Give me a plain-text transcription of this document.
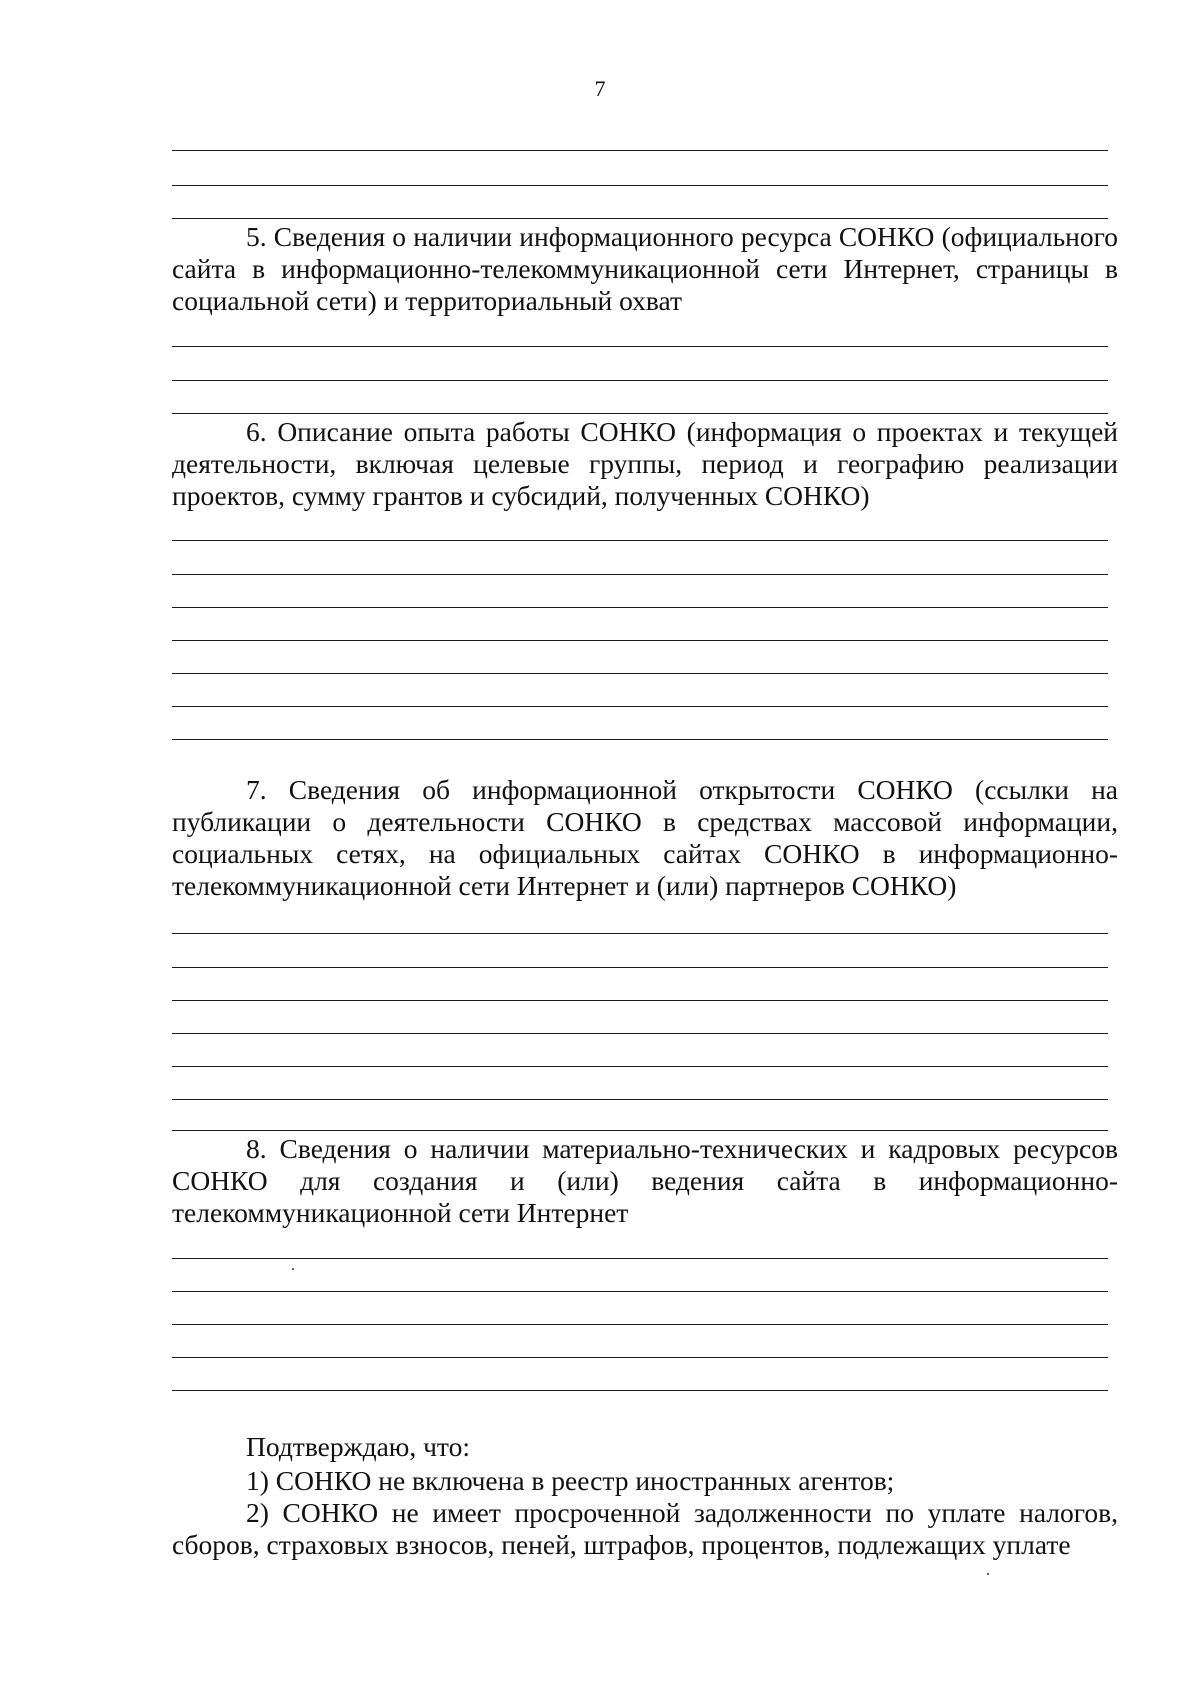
7

5. Сведения о наличии информационного ресурса СОНКО (официального сайта в информационно-телекоммуникационной сети Интернет, страницы в социальной сети) и территориальный охват

6. Описание опыта работы СОНКО (информация о проектах и текущей деятельности, включая целевые группы, период и географию реализации проектов, сумму грантов и субсидий, полученных СОНКО)

7. Сведения об информационной открытости СОНКО (ссылки на публикации о деятельности СОНКО в средствах массовой информации, социальных сетях, на официальных сайтах СОНКО в информационно-телекоммуникационной сети Интернет и (или) партнеров СОНКО)

8. Сведения о наличии материально-технических и кадровых ресурсов СОНКО для создания и (или) ведения сайта в информационно-телекоммуникационной сети Интернет

Подтверждаю, что:

1) СОНКО не включена в реестр иностранных агентов;

2) СОНКО не имеет просроченной задолженности по уплате налогов, сборов, страховых взносов, пеней, штрафов, процентов, подлежащих уплате
